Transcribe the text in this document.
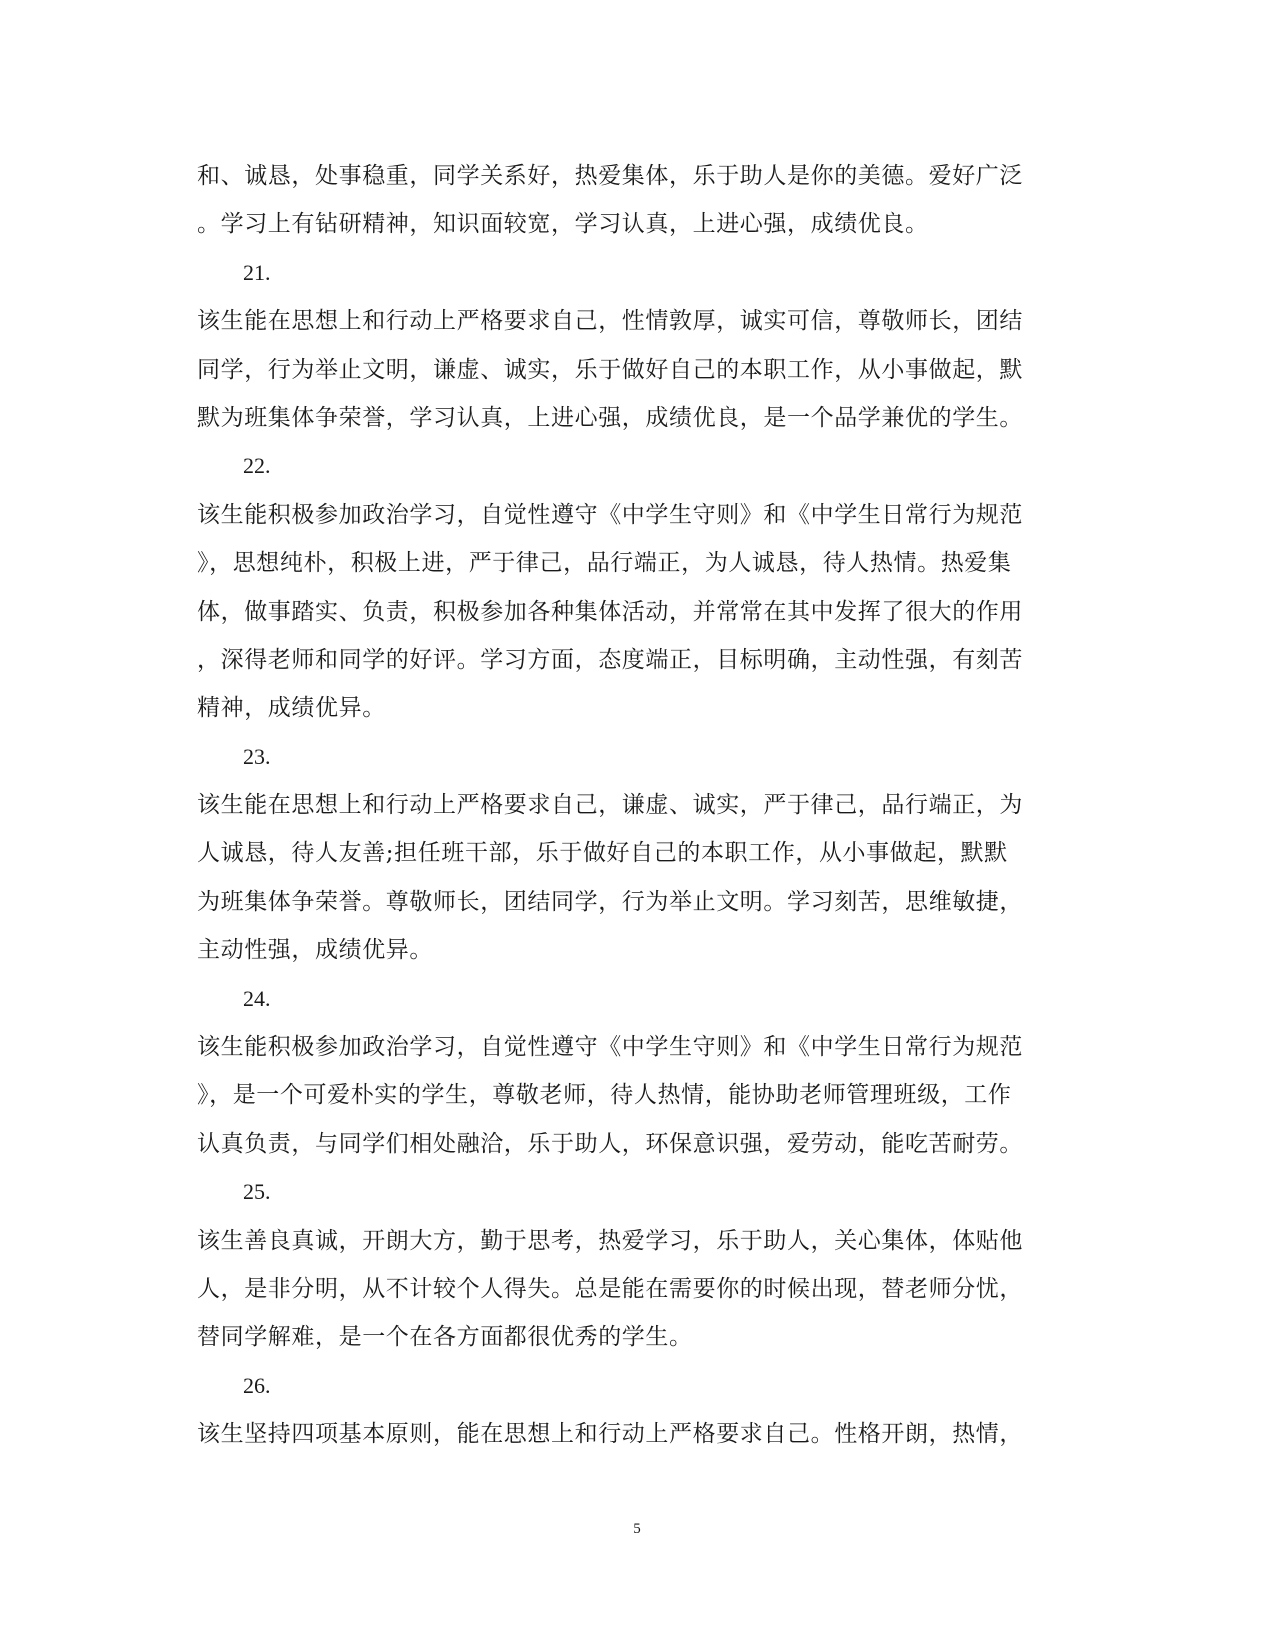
和、诚恳，处事稳重，同学关系好，热爱集体，乐于助人是你的美德。爱好广泛
。学习上有钻研精神，知识面较宽，学习认真，上进心强，成绩优良。
21.
该生能在思想上和行动上严格要求自己，性情敦厚，诚实可信，尊敬师长，团结
同学，行为举止文明，谦虚、诚实，乐于做好自己的本职工作，从小事做起，默
默为班集体争荣誉，学习认真，上进心强，成绩优良，是一个品学兼优的学生。
22.
该生能积极参加政治学习，自觉性遵守《中学生守则》和《中学生日常行为规范
》，思想纯朴，积极上进，严于律己，品行端正，为人诚恳，待人热情。热爱集
体，做事踏实、负责，积极参加各种集体活动，并常常在其中发挥了很大的作用
，深得老师和同学的好评。学习方面，态度端正，目标明确，主动性强，有刻苦
精神，成绩优异。
23.
该生能在思想上和行动上严格要求自己，谦虚、诚实，严于律己，品行端正，为
人诚恳，待人友善;担任班干部，乐于做好自己的本职工作，从小事做起，默默
为班集体争荣誉。尊敬师长，团结同学，行为举止文明。学习刻苦，思维敏捷，
主动性强，成绩优异。
24.
该生能积极参加政治学习，自觉性遵守《中学生守则》和《中学生日常行为规范
》，是一个可爱朴实的学生，尊敬老师，待人热情，能协助老师管理班级，工作
认真负责，与同学们相处融洽，乐于助人，环保意识强，爱劳动，能吃苦耐劳。
25.
该生善良真诚，开朗大方，勤于思考，热爱学习，乐于助人，关心集体，体贴他
人，是非分明，从不计较个人得失。总是能在需要你的时候出现，替老师分忧，
替同学解难，是一个在各方面都很优秀的学生。
26.
该生坚持四项基本原则，能在思想上和行动上严格要求自己。性格开朗，热情，
5
